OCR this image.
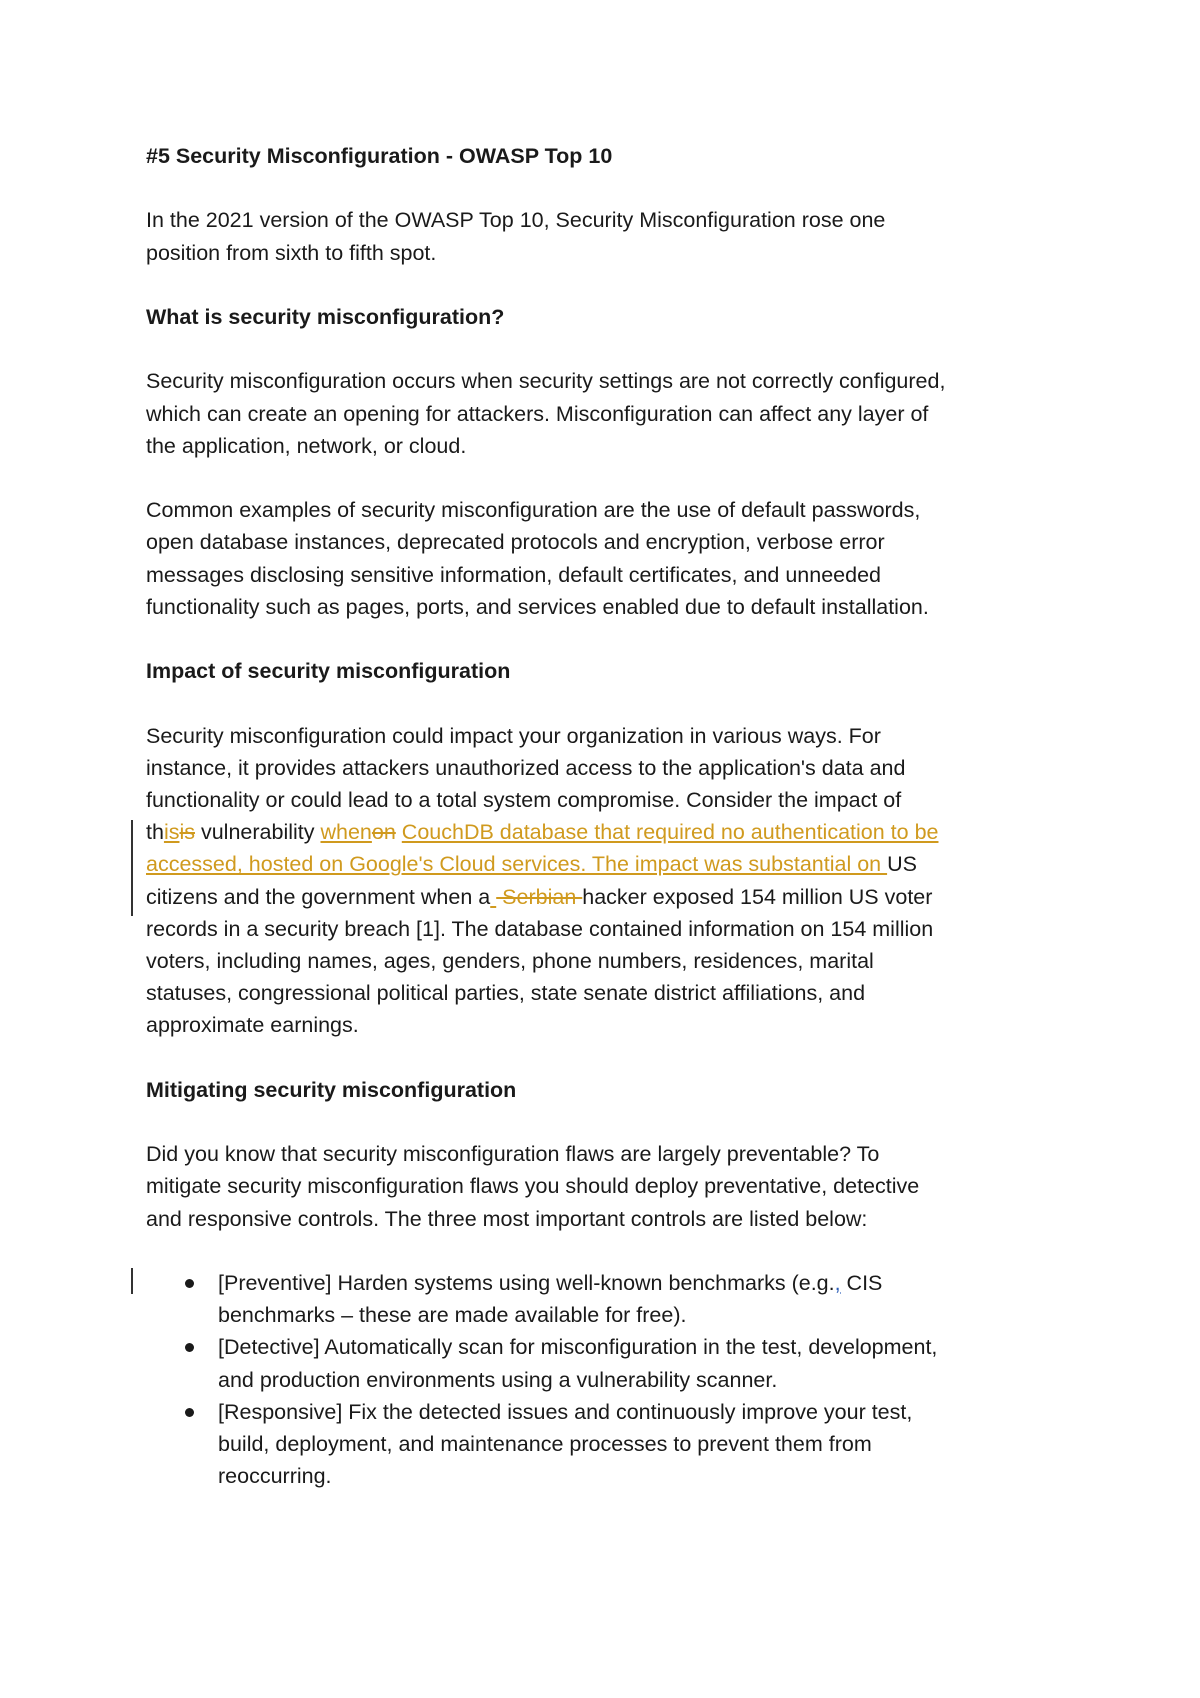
#5 Security Misconfiguration - OWASP Top 10

In the 2021 version of the OWASP Top 10, Security Misconfiguration rose one

position from sixth to fifth spot.

What is security misconfiguration?

Security misconfiguration occurs when security settings are not correctly configured,

which can create an opening for attackers. Misconfiguration can affect any layer of

the application, network, or cloud.

Common examples of security misconfiguration are the use of default passwords,

open database instances, deprecated protocols and encryption, verbose error

messages disclosing sensitive information, default certificates, and unneeded

functionality such as pages, ports, and services enabled due to default installation.

Impact of security misconfiguration

Security misconfiguration could impact your organization in various ways. For

instance, it provides attackers unauthorized access to the application's data and

functionality or could lead to a total system compromise. Consider the impact of

thisis vulnerability whenon CouchDB database that required no authentication to be

accessed, hosted on Google's Cloud services. The impact was substantial on US

citizens and the government when a  Serbian hacker exposed 154 million US voter

records in a security breach [1]. The database contained information on 154 million

voters, including names, ages, genders, phone numbers, residences, marital

statuses, congressional political parties, state senate district affiliations, and

approximate earnings.

Mitigating security misconfiguration

Did you know that security misconfiguration flaws are largely preventable? To

mitigate security misconfiguration flaws you should deploy preventative, detective

and responsive controls. The three most important controls are listed below:

[Preventive] Harden systems using well-known benchmarks (e.g., CIS
benchmarks – these are made available for free).
[Detective] Automatically scan for misconfiguration in the test, development,
and production environments using a vulnerability scanner.
[Responsive] Fix the detected issues and continuously improve your test,
build, deployment, and maintenance processes to prevent them from
reoccurring.
